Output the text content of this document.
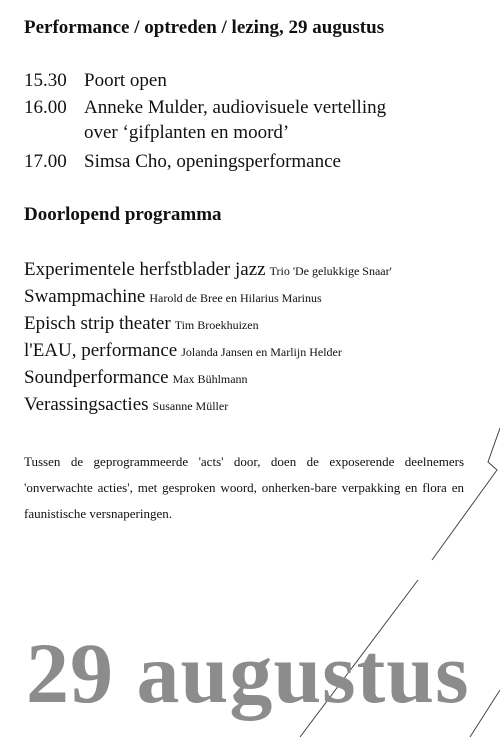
Performance / optreden / lezing, 29 augustus
15.30 Poort open
16.00 Anneke Mulder, audiovisuele vertelling
over ‘gifplanten en moord’
17.00 Simsa Cho, openingsperformance
Doorlopend programma
Experimentele herfstblader jazz Trio 'De gelukkige Snaar'
Swampmachine Harold de Bree en Hilarius Marinus
Episch strip theater Tim Broekhuizen
l'EAU, performance Jolanda Jansen en Marlijn Helder
Soundperformance Max Bühlmann
Verassingsacties Susanne Müller
Tussen de geprogrammeerde 'acts' door, doen de exposerende deelnemers 'onverwachte acties', met gesproken woord, onherken-bare verpakking en flora en faunistische versnaperingen.
29 augustus
